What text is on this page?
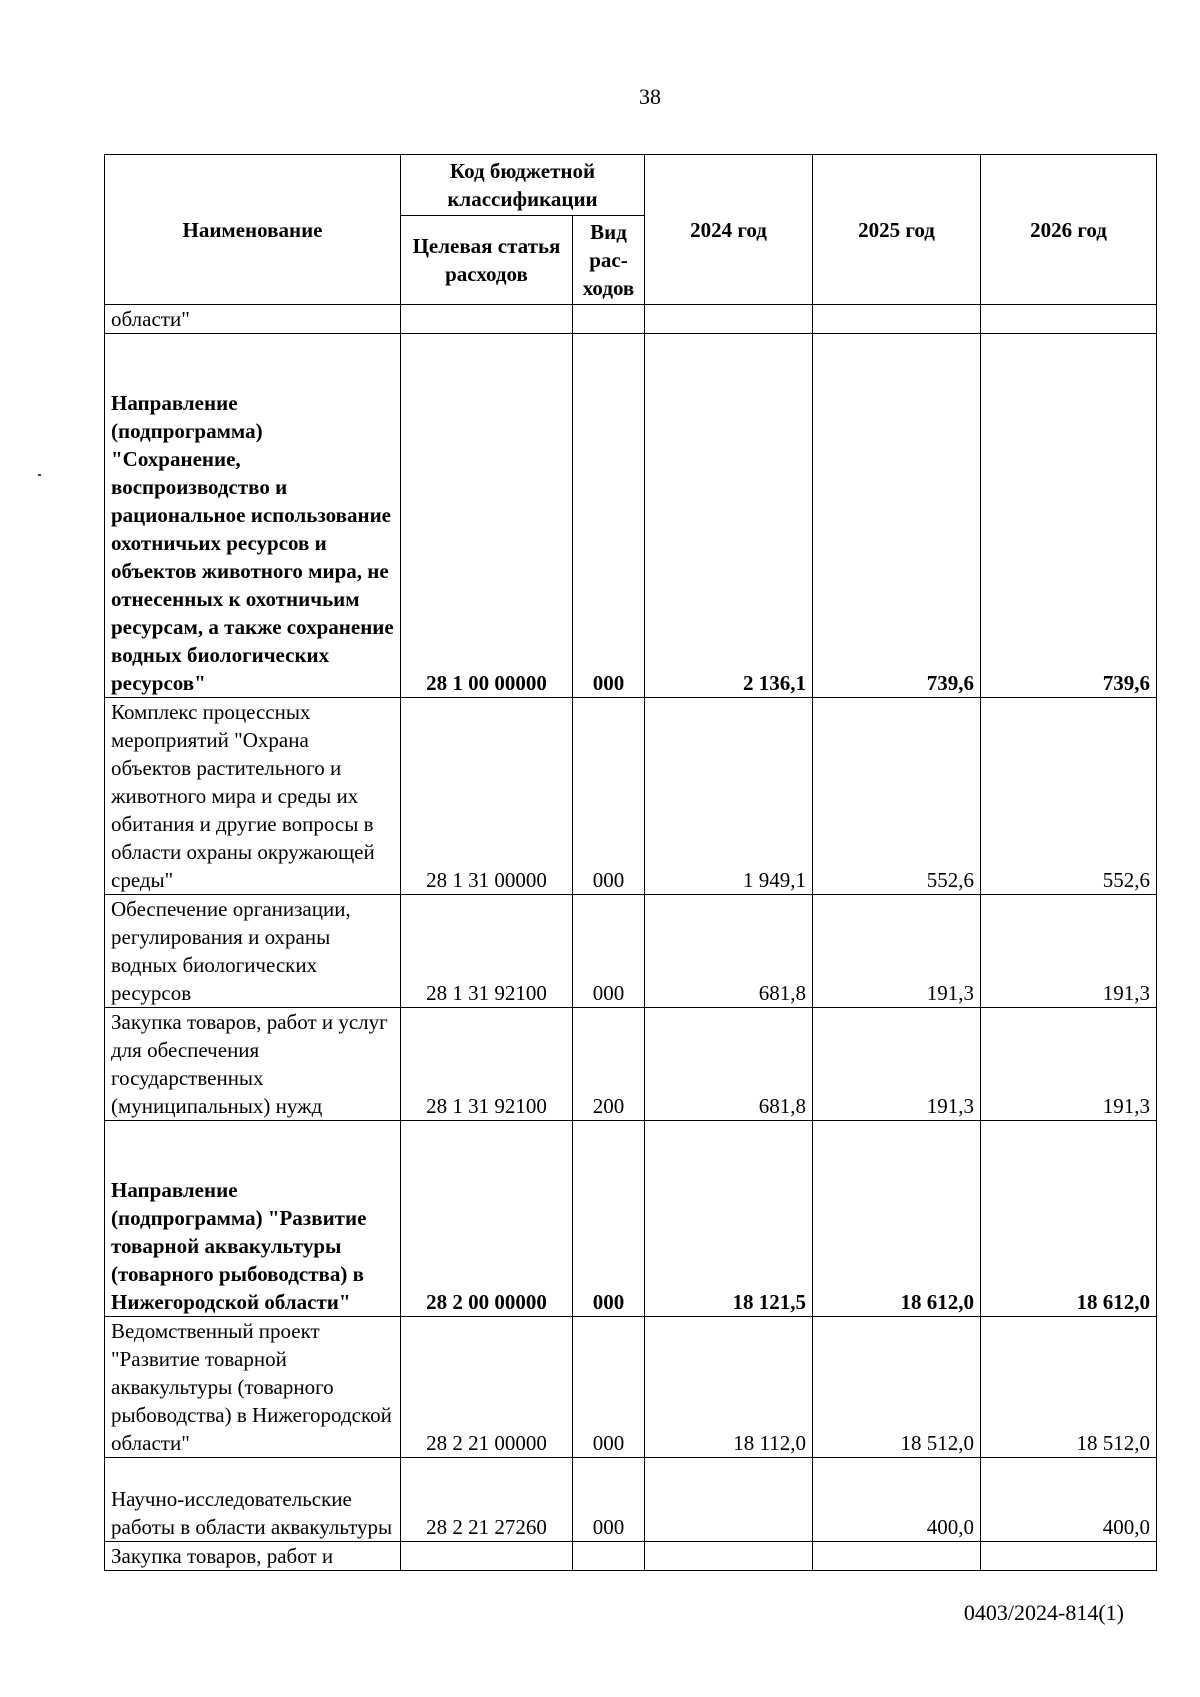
38
Наименование	Код бюджетной классификации		2024 год	2025 год	2026 год
	Целевая статья расходов	Вид рас-ходов			
области"					
Направление (подпрограмма) "Сохранение, воспроизводство и рациональное использование охотничьих ресурсов и объектов животного мира, не отнесенных к охотничьим ресурсам, а также сохранение водных биологических ресурсов"	28 1 00 00000	000	2 136,1	739,6	739,6
Комплекс процессных мероприятий "Охрана объектов растительного и животного мира и среды их обитания и другие вопросы в области охраны окружающей среды"	28 1 31 00000	000	1 949,1	552,6	552,6
Обеспечение организации, регулирования и охраны водных биологических ресурсов	28 1 31 92100	000	681,8	191,3	191,3
Закупка товаров, работ и услуг для обеспечения государственных (муниципальных) нужд	28 1 31 92100	200	681,8	191,3	191,3
Направление (подпрограмма) "Развитие товарной аквакультуры (товарного рыбоводства) в Нижегородской области"	28 2 00 00000	000	18 121,5	18 612,0	18 612,0
Ведомственный проект "Развитие товарной аквакультуры (товарного рыбоводства) в Нижегородской области"	28 2 21 00000	000	18 112,0	18 512,0	18 512,0
Научно-исследовательские работы в области аквакультуры	28 2 21 27260	000		400,0	400,0
Закупка товаров, работ и					
0403/2024-814(1)
